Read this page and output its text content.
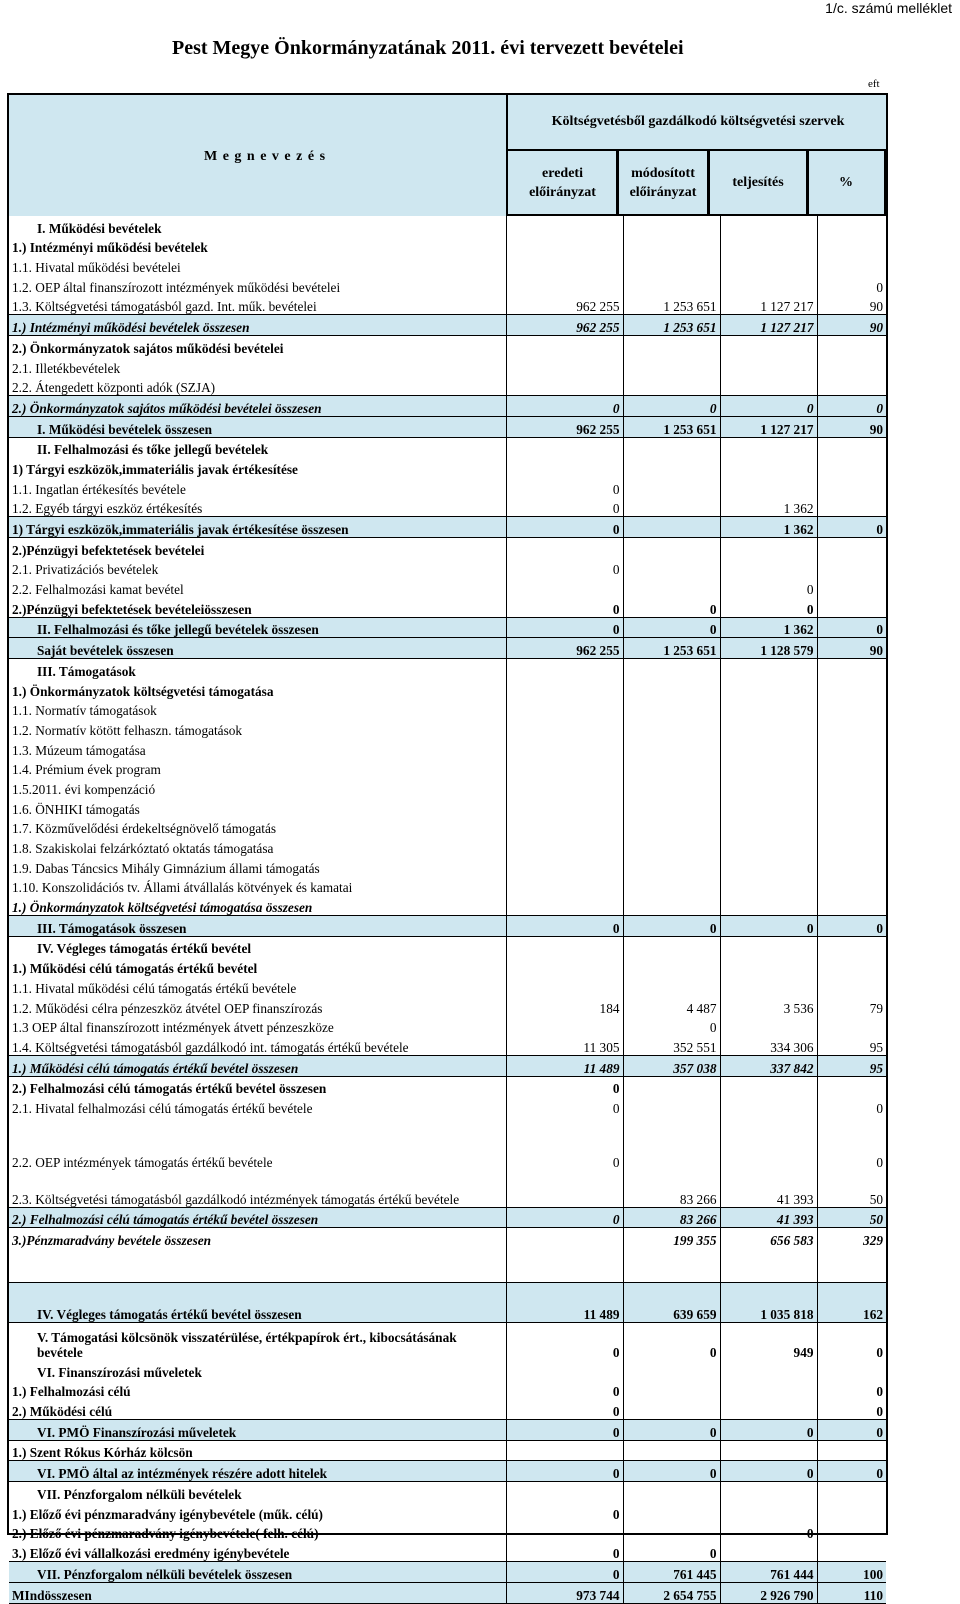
1/c. számú melléklet
Pest Megye Önkormányzatának 2011. évi tervezett bevételei
eft
M e g n e v e z é s
Költségvetésből gazdálkodó költségvetési szervek
eredeti előirányzat
módosított előirányzat
teljesítés	%
I. Működési bevételek				
1.) Intézményi működési bevételek				
1.1. Hivatal működési bevételei				
1.2. OEP által finanszírozott intézmények működési bevételei				0
1.3. Költségvetési támogatásból gazd. Int. műk. bevételei	962 255	1 253 651	1 127 217	90
1.) Intézményi működési bevételek összesen	962 255	1 253 651	1 127 217	90
2.) Önkormányzatok sajátos működési bevételei				
2.1. Illetékbevételek				
2.2. Átengedett központi adók (SZJA)				
2.) Önkormányzatok sajátos működési bevételei összesen	0	0	0	0
I. Működési bevételek összesen	962 255	1 253 651	1 127 217	90
II. Felhalmozási és tőke jellegű bevételek				
1) Tárgyi eszközök,immateriális javak értékesítése				
1.1. Ingatlan értékesítés bevétele	0			
1.2. Egyéb tárgyi eszköz értékesítés	0		1 362	
1) Tárgyi eszközök,immateriális javak értékesítése összesen	0		1 362	0
2.)Pénzügyi befektetések bevételei				
2.1. Privatizációs bevételek	0			
2.2. Felhalmozási kamat bevétel			0	
2.)Pénzügyi befektetések bevételeiösszesen	0	0	0	
II. Felhalmozási és tőke jellegű bevételek összesen	0	0	1 362	0
Saját bevételek összesen	962 255	1 253 651	1 128 579	90
III. Támogatások				
1.) Önkormányzatok költségvetési támogatása				
1.1. Normatív támogatások				
1.2. Normatív kötött felhaszn. támogatások				
1.3. Múzeum támogatása				
1.4. Prémium évek program				
1.5.2011. évi kompenzáció				
1.6. ÖNHIKI támogatás				
1.7. Közművelődési érdekeltségnövelő támogatás				
1.8. Szakiskolai felzárkóztató oktatás támogatása				
1.9. Dabas Táncsics Mihály Gimnázium állami támogatás				
1.10. Konszolidációs tv. Állami átvállalás kötvények és kamatai				
1.) Önkormányzatok költségvetési támogatása összesen				
III. Támogatások összesen	0	0	0	0
IV. Végleges támogatás értékű bevétel				
1.) Működési célú támogatás értékű bevétel				
1.1. Hivatal működési célú támogatás értékű bevétele				
1.2. Működési célra pénzeszköz átvétel OEP finanszírozás	184	4 487	3 536	79
1.3 OEP által finanszírozott intézmények átvett pénzeszköze		0		
1.4. Költségvetési támogatásból gazdálkodó int. támogatás értékű bevétele	11 305	352 551	334 306	95
1.) Működési célú támogatás értékű bevétel összesen	11 489	357 038	337 842	95
2.) Felhalmozási célú támogatás értékű bevétel összesen	0			
2.1. Hivatal felhalmozási célú támogatás értékű bevétele	0			0

2.2. OEP intézmények támogatás értékű bevétele	0			0
2.3. Költségvetési támogatásból gazdálkodó intézmények támogatás értékű bevétele		83 266	41 393	50
2.) Felhalmozási célú támogatás értékű bevétel összesen	0	83 266	41 393	50
3.)Pénzmaradvány bevétele összesen		199 355	656 583	329

IV. Végleges támogatás értékű bevétel összesen	11 489	639 659	1 035 818	162
V. Támogatási kölcsönök visszatérülése, értékpapírok ért., kibocsátásának bevétele	0	0	949	0
VI. Finanszírozási műveletek				
1.) Felhalmozási célú	0			0
2.) Működési célú	0			0
VI. PMÖ Finanszírozási műveletek	0	0	0	0
1.) Szent Rókus Kórház kölcsön				
VI. PMÖ által az intézmények részére adott hitelek	0	0	0	0
VII. Pénzforgalom nélküli bevételek				
1.) Előző évi pénzmaradvány igénybevétele (műk. célú)	0			
2.) Előző évi pénzmaradvány igénybevétele( felh. célú)			0	
3.) Előző évi vállalkozási eredmény igénybevétele	0	0		
VII. Pénzforgalom nélküli bevételek összesen	0	761 445	761 444	100
MIndösszesen	973 744	2 654 755	2 926 790	110
